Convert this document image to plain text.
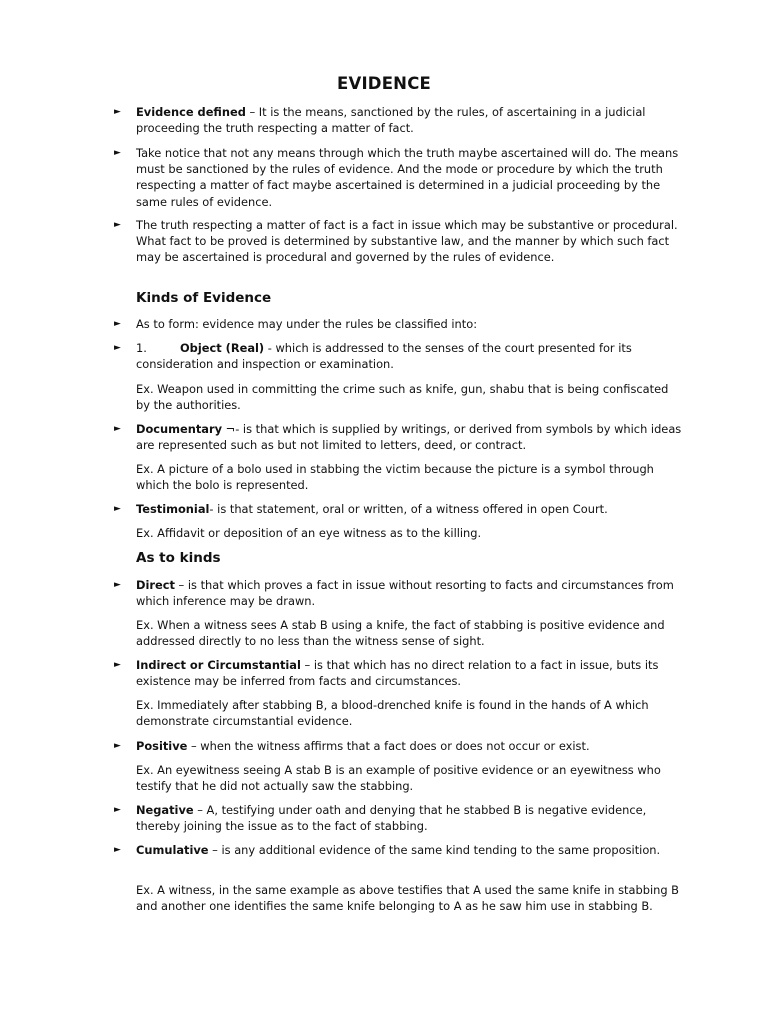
EVIDENCE
► Evidence defined – It is the means, sanctioned by the rules, of ascertaining in a judicial proceeding the truth respecting a matter of fact.
► Take notice that not any means through which the truth maybe ascertained will do. The means must be sanctioned by the rules of evidence. And the mode or procedure by which the truth respecting a matter of fact maybe ascertained is determined in a judicial proceeding by the same rules of evidence.
► The truth respecting a matter of fact is a fact in issue which may be substantive or procedural. What fact to be proved is determined by substantive law, and the manner by which such fact may be ascertained is procedural and governed by the rules of evidence.
Kinds of Evidence
► As to form: evidence may under the rules be classified into:
► 1.	Object (Real) - which is addressed to the senses of the court presented for its consideration and inspection or examination.
Ex. Weapon used in committing the crime such as knife, gun, shabu that is being confiscated by the authorities.
► Documentary ¬- is that which is supplied by writings, or derived from symbols by which ideas are represented such as but not limited to letters, deed, or contract.
Ex. A picture of a bolo used in stabbing the victim because the picture is a symbol through which the bolo is represented.
► Testimonial- is that statement, oral or written, of a witness offered in open Court.
Ex. Affidavit or deposition of an eye witness as to the killing.
As to kinds
► Direct – is that which proves a fact in issue without resorting to facts and circumstances from which inference may be drawn.
Ex. When a witness sees A stab B using a knife, the fact of stabbing is positive evidence and addressed directly to no less than the witness sense of sight.
► Indirect or Circumstantial – is that which has no direct relation to a fact in issue, buts its existence may be inferred from facts and circumstances.
Ex. Immediately after stabbing B, a blood-drenched knife is found in the hands of A which demonstrate circumstantial evidence.
► Positive – when the witness affirms that a fact does or does not occur or exist.
Ex. An eyewitness seeing A stab B is an example of positive evidence or an eyewitness who testify that he did not actually saw the stabbing.
► Negative – A, testifying under oath and denying that he stabbed B is negative evidence, thereby joining the issue as to the fact of stabbing.
► Cumulative – is any additional evidence of the same kind tending to the same proposition.
Ex. A witness, in the same example as above testifies that A used the same knife in stabbing B and another one identifies the same knife belonging to A as he saw him use in stabbing B.
